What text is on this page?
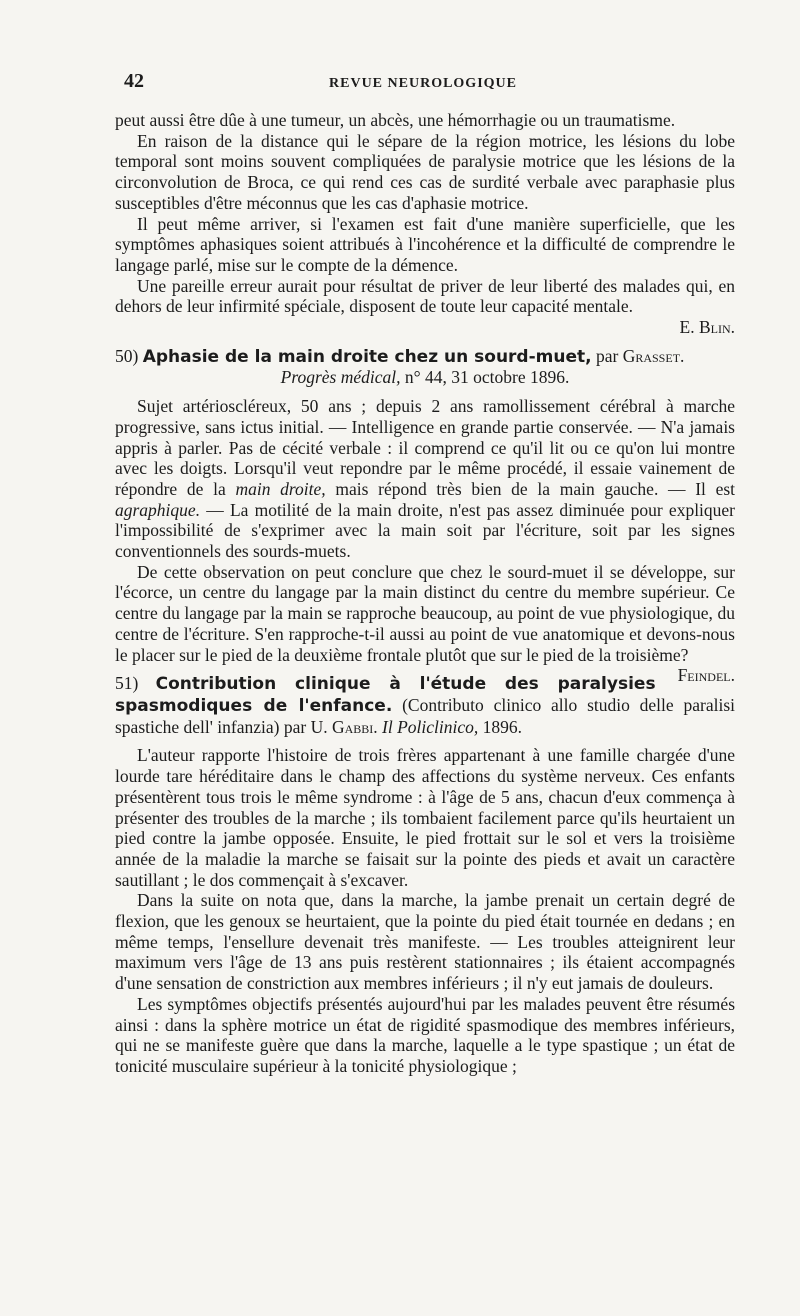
42	REVUE NEUROLOGIQUE

peut aussi être dûe à une tumeur, un abcès, une hémorrhagie ou un traumatisme.

En raison de la distance qui le sépare de la région motrice, les lésions du lobe temporal sont moins souvent compliquées de paralysie motrice que les lésions de la circonvolution de Broca, ce qui rend ces cas de surdité verbale avec paraphasie plus susceptibles d'être méconnus que les cas d'aphasie motrice.

Il peut même arriver, si l'examen est fait d'une manière superficielle, que les symptômes aphasiques soient attribués à l'incohérence et la difficulté de comprendre le langage parlé, mise sur le compte de la démence.

Une pareille erreur aurait pour résultat de priver de leur liberté des malades qui, en dehors de leur infirmité spéciale, disposent de toute leur capacité mentale.

E. Blin.

50) Aphasie de la main droite chez un sourd-muet, par Grasset.

Progrès médical, n° 44, 31 octobre 1896.

Sujet artérioscléreux, 50 ans ; depuis 2 ans ramollissement cérébral à marche progressive, sans ictus initial. — Intelligence en grande partie conservée. — N'a jamais appris à parler. Pas de cécité verbale : il comprend ce qu'il lit ou ce qu'on lui montre avec les doigts. Lorsqu'il veut repondre par le même procédé, il essaie vainement de répondre de la main droite, mais répond très bien de la main gauche. — Il est agraphique. — La motilité de la main droite, n'est pas assez diminuée pour expliquer l'impossibilité de s'exprimer avec la main soit par l'écriture, soit par les signes conventionnels des sourds-muets.

De cette observation on peut conclure que chez le sourd-muet il se développe, sur l'écorce, un centre du langage par la main distinct du centre du membre supérieur. Ce centre du langage par la main se rapproche beaucoup, au point de vue physiologique, du centre de l'écriture. S'en rapproche-t-il aussi au point de vue anatomique et devons-nous le placer sur le pied de la deuxième frontale plutôt que sur le pied de la troisième?
Feindel.

51) Contribution clinique à l'étude des paralysies spasmodiques de l'enfance. (Contributo clinico allo studio delle paralisi spastiche dell' infanzia) par U. Gabbi. Il Policlinico, 1896.

L'auteur rapporte l'histoire de trois frères appartenant à une famille chargée d'une lourde tare héréditaire dans le champ des affections du système nerveux. Ces enfants présentèrent tous trois le même syndrome : à l'âge de 5 ans, chacun d'eux commença à présenter des troubles de la marche ; ils tombaient facilement parce qu'ils heurtaient un pied contre la jambe opposée. Ensuite, le pied frottait sur le sol et vers la troisième année de la maladie la marche se faisait sur la pointe des pieds et avait un caractère sautillant ; le dos commençait à s'excaver.

Dans la suite on nota que, dans la marche, la jambe prenait un certain degré de flexion, que les genoux se heurtaient, que la pointe du pied était tournée en dedans ; en même temps, l'ensellure devenait très manifeste. — Les troubles atteignirent leur maximum vers l'âge de 13 ans puis restèrent stationnaires ; ils étaient accompagnés d'une sensation de constriction aux membres inférieurs ; il n'y eut jamais de douleurs.

Les symptômes objectifs présentés aujourd'hui par les malades peuvent être résumés ainsi : dans la sphère motrice un état de rigidité spasmodique des membres inférieurs, qui ne se manifeste guère que dans la marche, laquelle a le type spastique ; un état de tonicité musculaire supérieur à la tonicité physiologique ;
